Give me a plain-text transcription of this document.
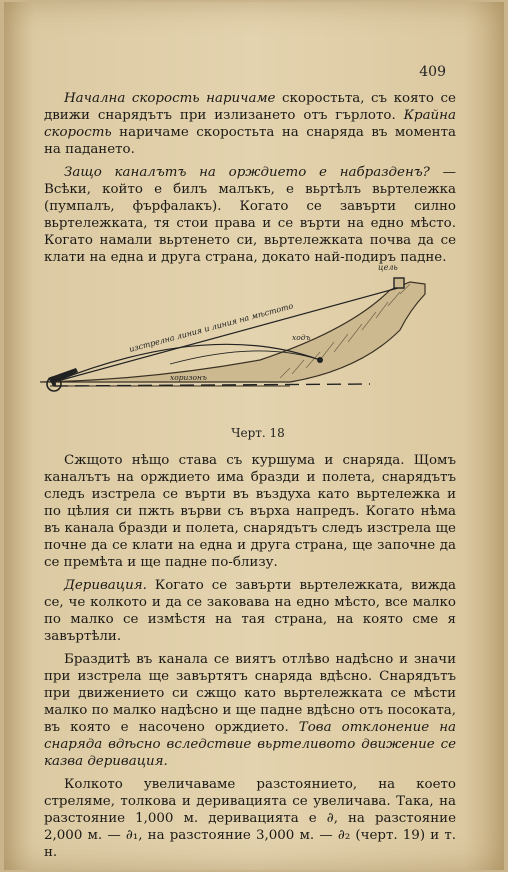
409

Начална скорость наричаме скоростьта, съ която се движи снарядътъ при излизането отъ гърлото. Крайна скорость наричаме скоростьта на снаряда въ момента на падането.

Защо каналътъ на орждието е набразденъ? — Всѣки, който е билъ малъкъ, е вьртѣлъ вьртележка (пумпалъ, фърфалакъ). Когато се завърти силно вьртележката, тя стои права и се върти на едно мѣсто. Когато намали вьртенето си, вьртележката почва да се клати на една и друга страна, докато най-подиръ падне.

цель
изстрелна линия и линия на мѣстото
ходъ
хоризонъ
Черт. 18

Сжщото нѣщо става съ куршума и снаряда. Щомъ каналътъ на орждието има бразди и полета, снарядътъ следъ изстрела се върти въ въздуха като вьртележка и по цѣлия си пжть върви съ върха напредъ. Когато нѣма въ канала бразди и полета, снарядътъ следъ изстрела ще почне да се клати на една и друга страна, ще започне да се премѣта и ще падне по-близу.

Деривация. Когато се завърти вьртележката, вижда се, че колкото и да се заковава на едно мѣсто, все малко по малко се измѣстя на тая страна, на която сме я завъртѣли.

Браздитѣ въ канала се виятъ отлѣво надѣсно и значи при изстрела ще завъртятъ снаряда вдѣсно. Снарядътъ при движението си сжщо като вьртележката се мѣсти малко по малко надѣсно и ще падне вдѣсно отъ посоката, въ която е насочено орждието. Това отклонение на снаряда вдѣсно вследствие вьртеливото движение се казва деривация.

Колкото увеличаваме разстоянието, на което стреляме, толкова и деривацията се увеличава. Така, на разстояние 1,000 м. деривацията е ∂, на разстояние 2,000 м. — ∂₁, на разстояние 3,000 м. — ∂₂ (черт. 19) и т. н.
